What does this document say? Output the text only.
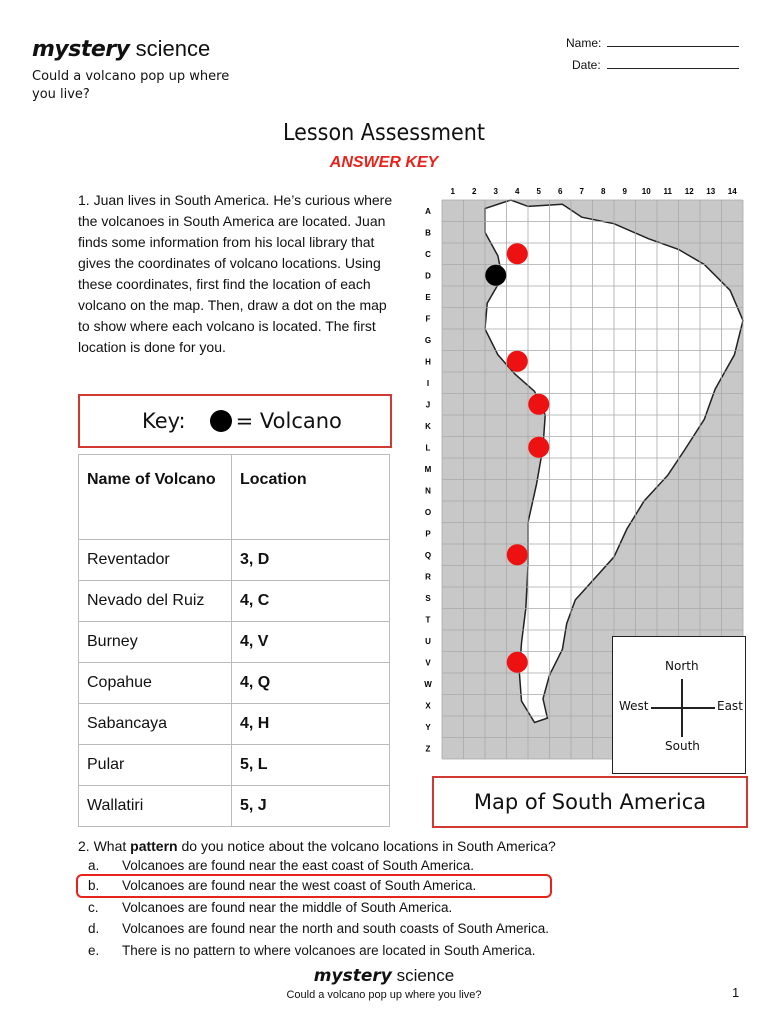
mystery science
Could a volcano pop up where you live?
Name:
Date:
Lesson Assessment
ANSWER KEY
1. Juan lives in South America. He’s curious where the volcanoes in South America are located. Juan finds some information from his local library that gives the coordinates of volcano locations. Using these coordinates, first find the location of each volcano on the map. Then, draw a dot on the map to show where each volcano is located. The first location is done for you.
Key: = Volcano
Name of Volcano	Location
Reventador	3, D
Nevado del Ruiz	4, C
Burney	4, V
Copahue	4, Q
Sabancaya	4, H
Pular	5, L
Wallatiri	5, J
1 2 3 4 5 6 7 8 9 10 11 12 13 14
A
B
C
D
E
F
G
H
I
J
K
L
M
N
O
P
Q
R
S
T
U
V
W
X
Y
Z
North
South
West	East
Map of South America
2. What pattern do you notice about the volcano locations in South America?
a. Volcanoes are found near the east coast of South America.
b. Volcanoes are found near the west coast of South America.
c. Volcanoes are found near the middle of South America.
d. Volcanoes are found near the north and south coasts of South America.
e. There is no pattern to where volcanoes are located in South America.
mystery science
Could a volcano pop up where you live?	1
